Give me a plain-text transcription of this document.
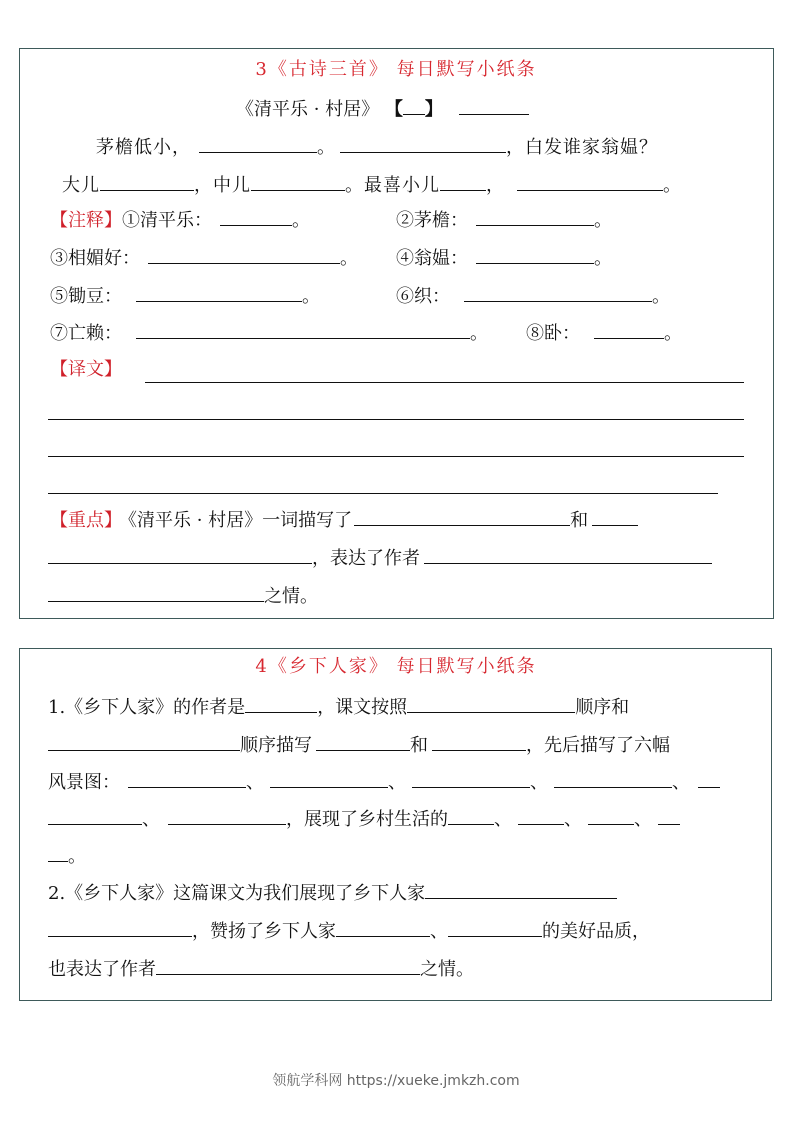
3《古诗三首》 每日默写小纸条
《清平乐 · 村居》 【 】
茅檐低小，	。	，白发谁家翁媪？
大儿	，中儿	。最喜小儿	，	。
【注释】①清平乐：	。	②茅檐：	。
③相媚好：	。 ④翁媪：	。
⑤锄豆：	。	⑥织：	。
⑦亡赖：	。 ⑧卧：	。
【译文】
【重点】 《清平乐 · 村居》一词描写了	和
，表达了作者
之情。
4《乡下人家》 每日默写小纸条
1.《乡下人家》的作者是	，课文按照	顺序和
顺序描写	和	，先后描写了六幅
风景图：	、	、	、	、
、	，展现了乡村生活的	、	、	、
。
2.《乡下人家》这篇课文为我们展现了乡下人家
，赞扬了乡下人家	、	的美好品质，
也表达了作者	之情。
领航学科网 https://xueke.jmkzh.com
